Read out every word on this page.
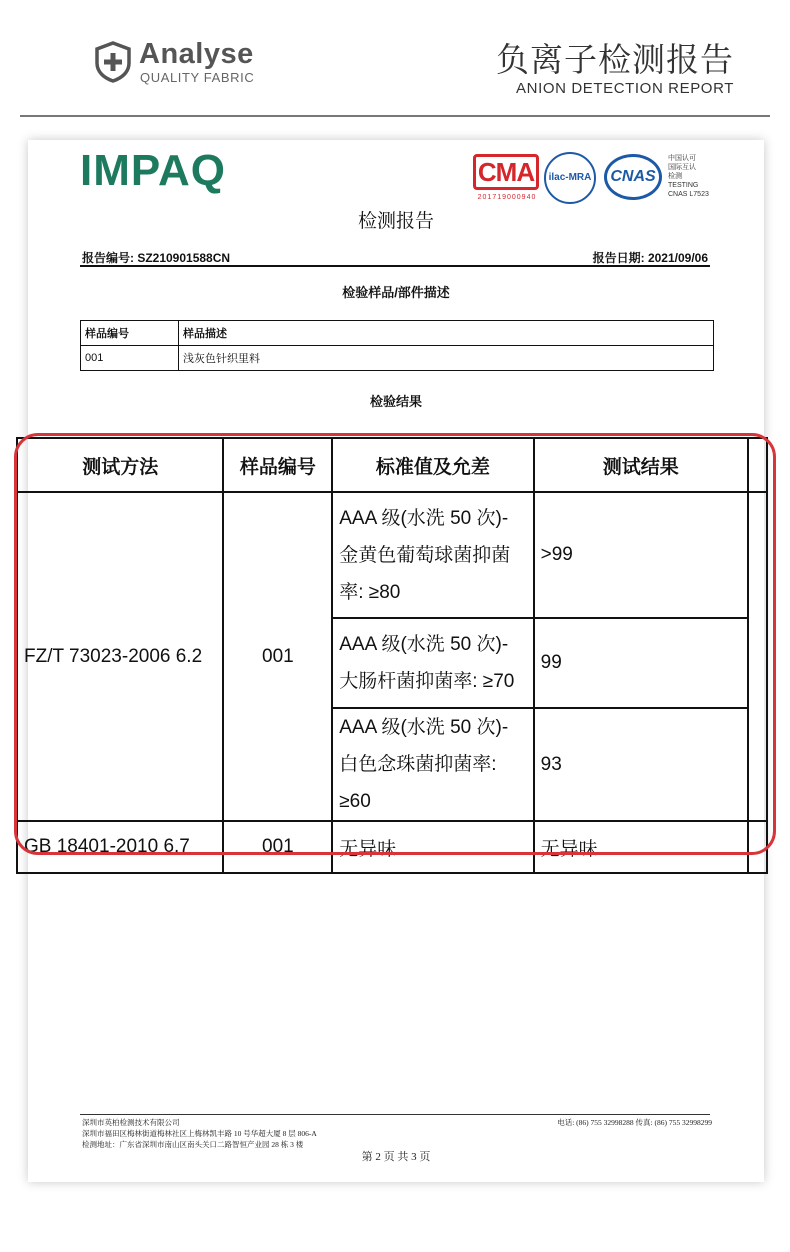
Analyse
QUALITY FABRIC	负离子检测报告
ANION DETECTION REPORT
IMPAQ	CMA
201719000940
ilac-MRA	CNAS
中国认可
国际互认
检测
TESTING
CNAS L7523
检测报告
报告编号: SZ210901588CN	报告日期: 2021/09/06
检验样品/部件描述
样品编号	样品描述
001	浅灰色针织里料
检验结果
测试方法	样品编号	标准值及允差	测试结果	
FZ/T 73023-2006 6.2	001	AAA 级(水洗 50 次)-金黄色葡萄球菌抑菌率: ≥80	>99	
		AAA 级(水洗 50 次)-大肠杆菌抑菌率: ≥70	99	
		AAA 级(水洗 50 次)-白色念珠菌抑菌率: ≥60	93	
GB 18401-2010 6.7	001	无异味	无异味	
深圳市英柏检测技术有限公司
深圳市福田区梅林街道梅林社区上梅林凯丰路 10 号华超大厦 8 层 806-A
检测地址：广东省深圳市南山区南头关口二路智恒产业园 28 栋 3 楼
电话: (86) 755 32998288 传真: (86) 755 32998299
第 2 页 共 3 页
